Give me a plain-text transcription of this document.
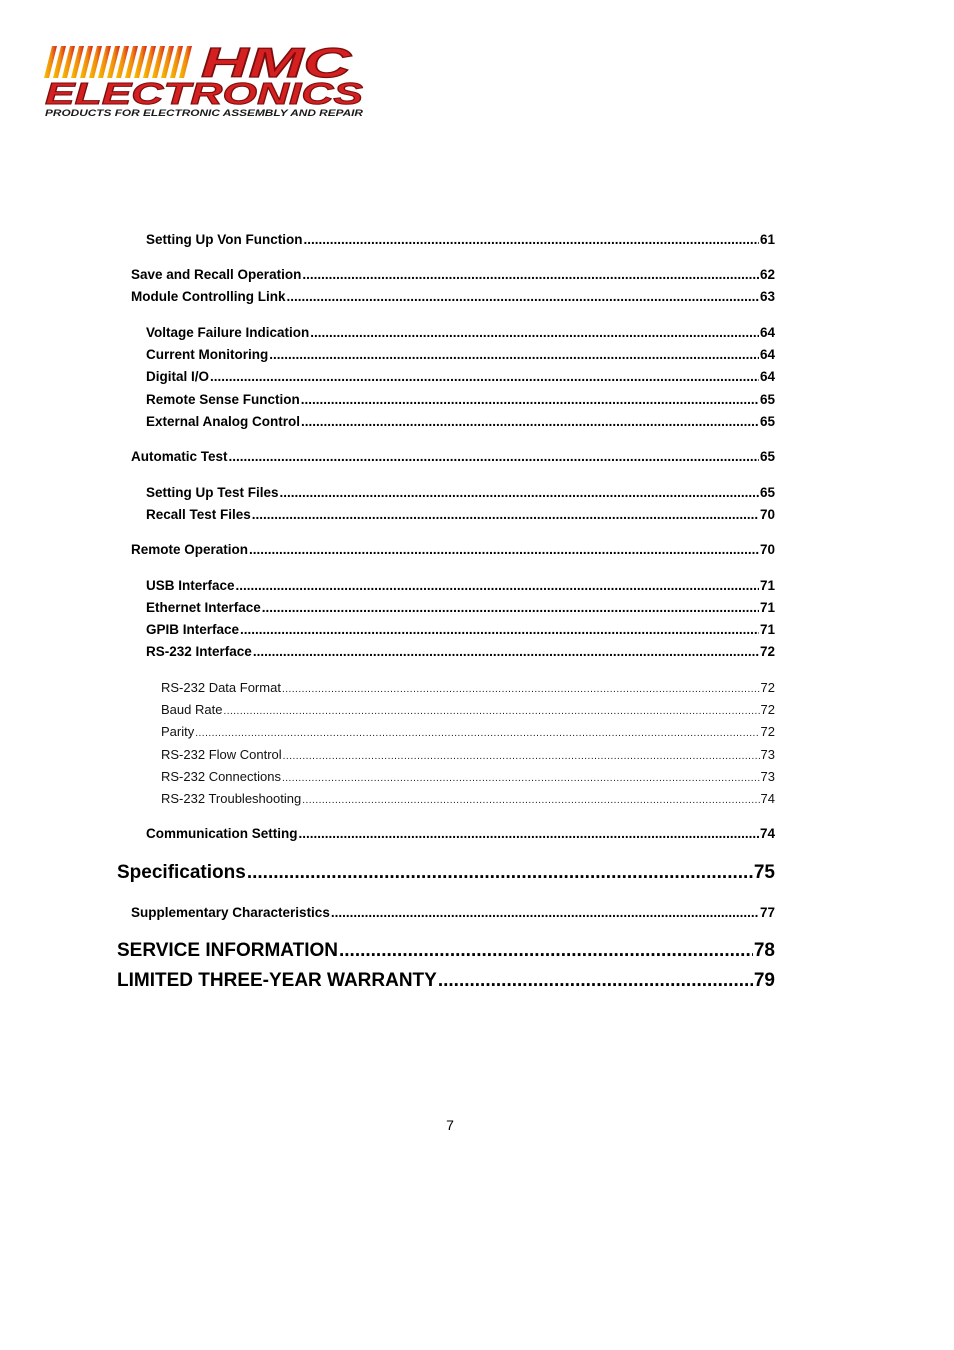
HMC
ELECTRONICS
PRODUCTS FOR ELECTRONIC ASSEMBLY AND REPAIR
Setting Up Von Function .....	61
Save and Recall Operation .....	62
Module Controlling Link .....	63
Voltage Failure Indication .....	64
Current Monitoring .....	64
Digital I/O .....	64
Remote Sense Function .....	65
External Analog Control .....	65
Automatic Test .....	65
Setting Up Test Files .....	65
Recall Test Files .....	70
Remote Operation .....	70
USB Interface .....	71
Ethernet Interface .....	71
GPIB Interface .....	71
RS-232 Interface .....	72
RS-232 Data Format .....	72
Baud Rate .....	72
Parity .....	72
RS-232 Flow Control .....	73
RS-232 Connections .....	73
RS-232 Troubleshooting .....	74
Communication Setting .....	74
Specifications .....	75
Supplementary Characteristics .....	77
SERVICE INFORMATION .....	78
LIMITED THREE-YEAR WARRANTY .....	79
7
